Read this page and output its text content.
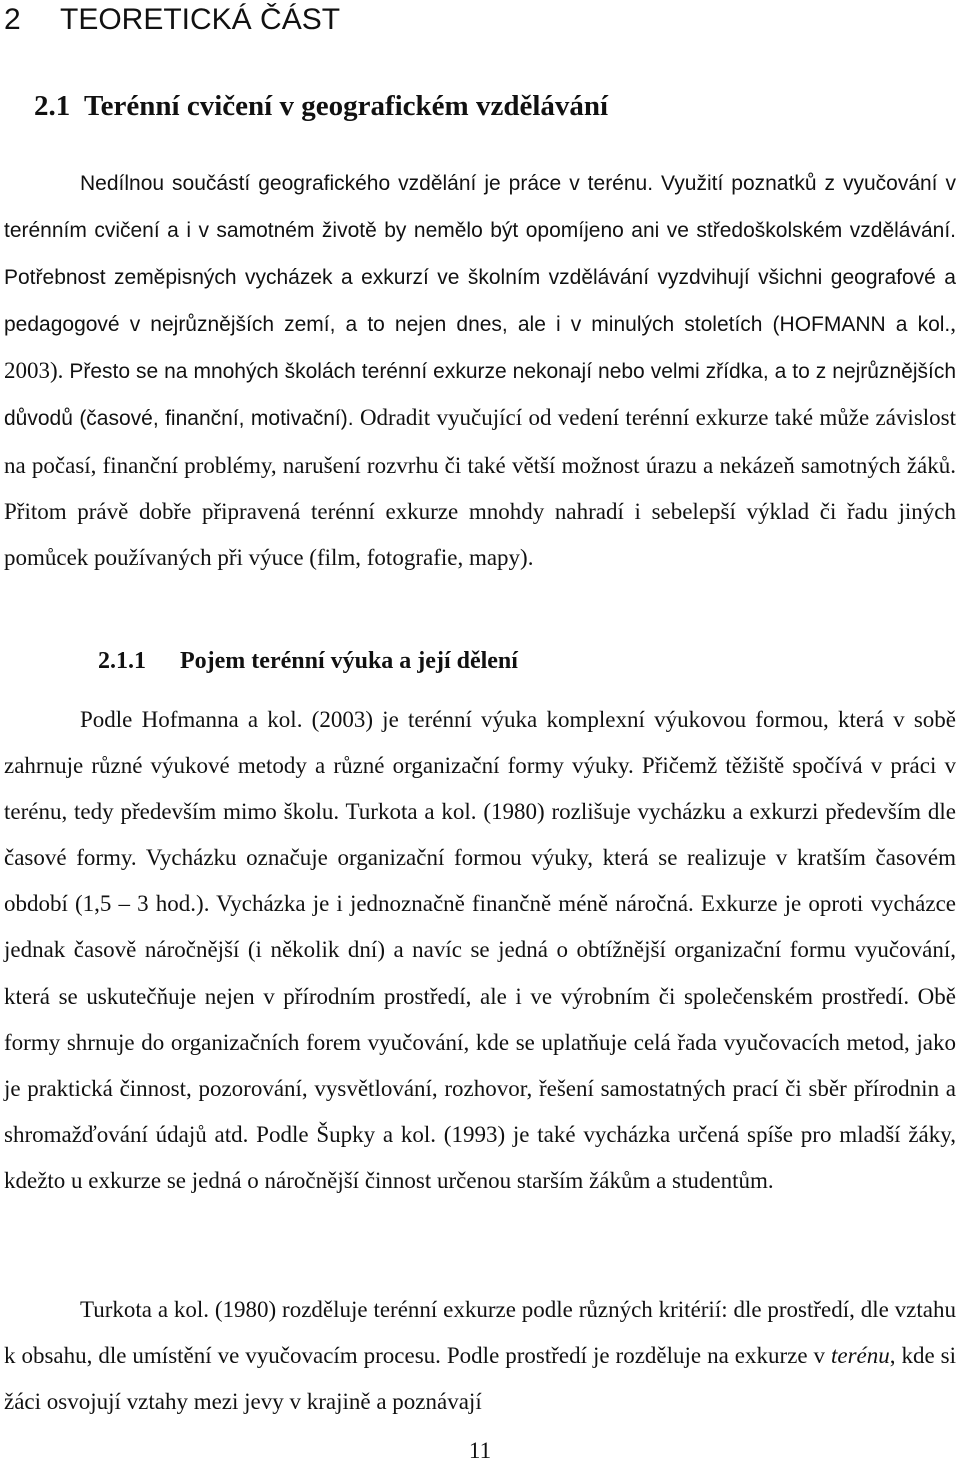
2 TEORETICKÁ ČÁST
2.1 Terénní cvičení v geografickém vzdělávání

Nedílnou součástí geografického vzdělání je práce v terénu. Využití poznatků z vyučování v terénním cvičení a i v samotném životě by nemělo být opomíjeno ani ve středoškolském vzdělávání. Potřebnost zeměpisných vycházek a exkurzí ve školním vzdělávání vyzdvihují všichni geografové a pedagogové v nejrůznějších zemí, a to nejen dnes, ale i v minulých stoletích (HOFMANN a kol., 2003). Přesto se na mnohých školách terénní exkurze nekonají nebo velmi zřídka, a to z nejrůznějších důvodů (časové, finanční, motivační). Odradit vyučující od vedení terénní exkurze také může závislost na počasí, finanční problémy, narušení rozvrhu či také větší možnost úrazu a nekázeň samotných žáků. Přitom právě dobře připravená terénní exkurze mnohdy nahradí i sebelepší výklad či řadu jiných pomůcek používaných při výuce (film, fotografie, mapy).

2.1.1 Pojem terénní výuka a její dělení

Podle Hofmanna a kol. (2003) je terénní výuka komplexní výukovou formou, která v sobě zahrnuje různé výukové metody a různé organizační formy výuky. Přičemž těžiště spočívá v práci v terénu, tedy především mimo školu. Turkota a kol. (1980) rozlišuje vycházku a exkurzi především dle časové formy. Vycházku označuje organizační formou výuky, která se realizuje v kratším časovém období (1,5 – 3 hod.). Vycházka je i jednoznačně finančně méně náročná. Exkurze je oproti vycházce jednak časově náročnější (i několik dní) a navíc se jedná o obtížnější organizační formu vyučování, která se uskutečňuje nejen v přírodním prostředí, ale i ve výrobním či společenském prostředí. Obě formy shrnuje do organizačních forem vyučování, kde se uplatňuje celá řada vyučovacích metod, jako je praktická činnost, pozorování, vysvětlování, rozhovor, řešení samostatných prací či sběr přírodnin a shromažďování údajů atd. Podle Šupky a kol. (1993) je také vycházka určená spíše pro mladší žáky, kdežto u exkurze se jedná o náročnější činnost určenou starším žákům a studentům.

Turkota a kol. (1980) rozděluje terénní exkurze podle různých kritérií: dle prostředí, dle vztahu k obsahu, dle umístění ve vyučovacím procesu. Podle prostředí je rozděluje na exkurze v terénu, kde si žáci osvojují vztahy mezi jevy v krajině a poznávají

11
